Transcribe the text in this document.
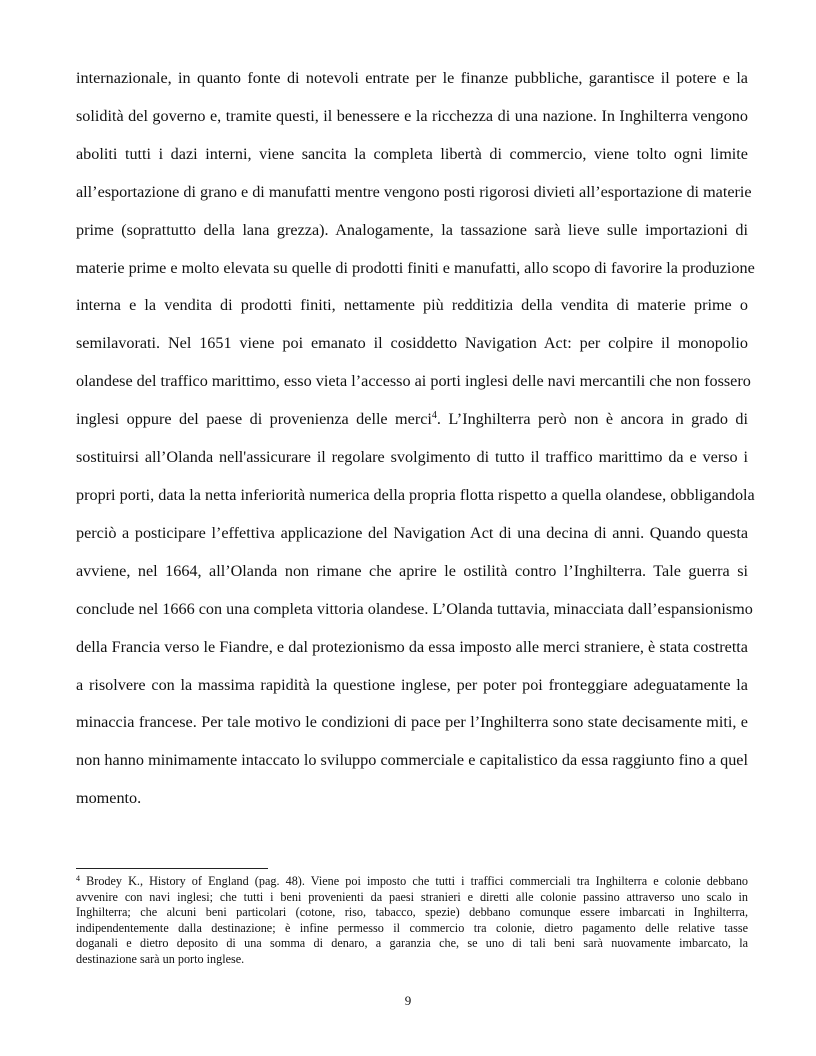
internazionale, in quanto fonte di notevoli entrate per le finanze pubbliche, garantisce il potere e la
solidità del governo e, tramite questi, il benessere e la ricchezza di una nazione. In Inghilterra vengono
aboliti tutti i dazi interni, viene sancita la completa libertà di commercio, viene tolto ogni limite
all’esportazione di grano e di manufatti mentre vengono posti rigorosi divieti all’esportazione di materie
prime (soprattutto della lana grezza). Analogamente, la tassazione sarà lieve sulle importazioni di
materie prime e molto elevata su quelle di prodotti finiti e manufatti, allo scopo di favorire la produzione
interna e la vendita di prodotti finiti, nettamente più redditizia della vendita di materie prime o
semilavorati. Nel 1651 viene poi emanato il cosiddetto Navigation Act: per colpire il monopolio
olandese del traffico marittimo, esso vieta l’accesso ai porti inglesi delle navi mercantili che non fossero
inglesi oppure del paese di provenienza delle merci$^4$. L’Inghilterra però non è ancora in grado di
sostituirsi all’Olanda nell'assicurare il regolare svolgimento di tutto il traffico marittimo da e verso i
propri porti, data la netta inferiorità numerica della propria flotta rispetto a quella olandese, obbligandola
perciò a posticipare l’effettiva applicazione del Navigation Act di una decina di anni. Quando questa
avviene, nel 1664, all’Olanda non rimane che aprire le ostilità contro l’Inghilterra. Tale guerra si
conclude nel 1666 con una completa vittoria olandese. L’Olanda tuttavia, minacciata dall’espansionismo
della Francia verso le Fiandre, e dal protezionismo da essa imposto alle merci straniere, è stata costretta
a risolvere con la massima rapidità la questione inglese, per poter poi fronteggiare adeguatamente la
minaccia francese. Per tale motivo le condizioni di pace per l’Inghilterra sono state decisamente miti, e
non hanno minimamente intaccato lo sviluppo commerciale e capitalistico da essa raggiunto fino a quel
momento.
$^4$ Brodey K., History of England (pag. 48). Viene poi imposto che tutti i traffici commerciali tra Inghilterra e colonie debbano
avvenire con navi inglesi; che tutti i beni provenienti da paesi stranieri e diretti alle colonie passino attraverso uno scalo in
Inghilterra; che alcuni beni particolari (cotone, riso, tabacco, spezie) debbano comunque essere imbarcati in Inghilterra,
indipendentemente dalla destinazione; è infine permesso il commercio tra colonie, dietro pagamento delle relative tasse
doganali e dietro deposito di una somma di denaro, a garanzia che, se uno di tali beni sarà nuovamente imbarcato, la
destinazione sarà un porto inglese.
9
